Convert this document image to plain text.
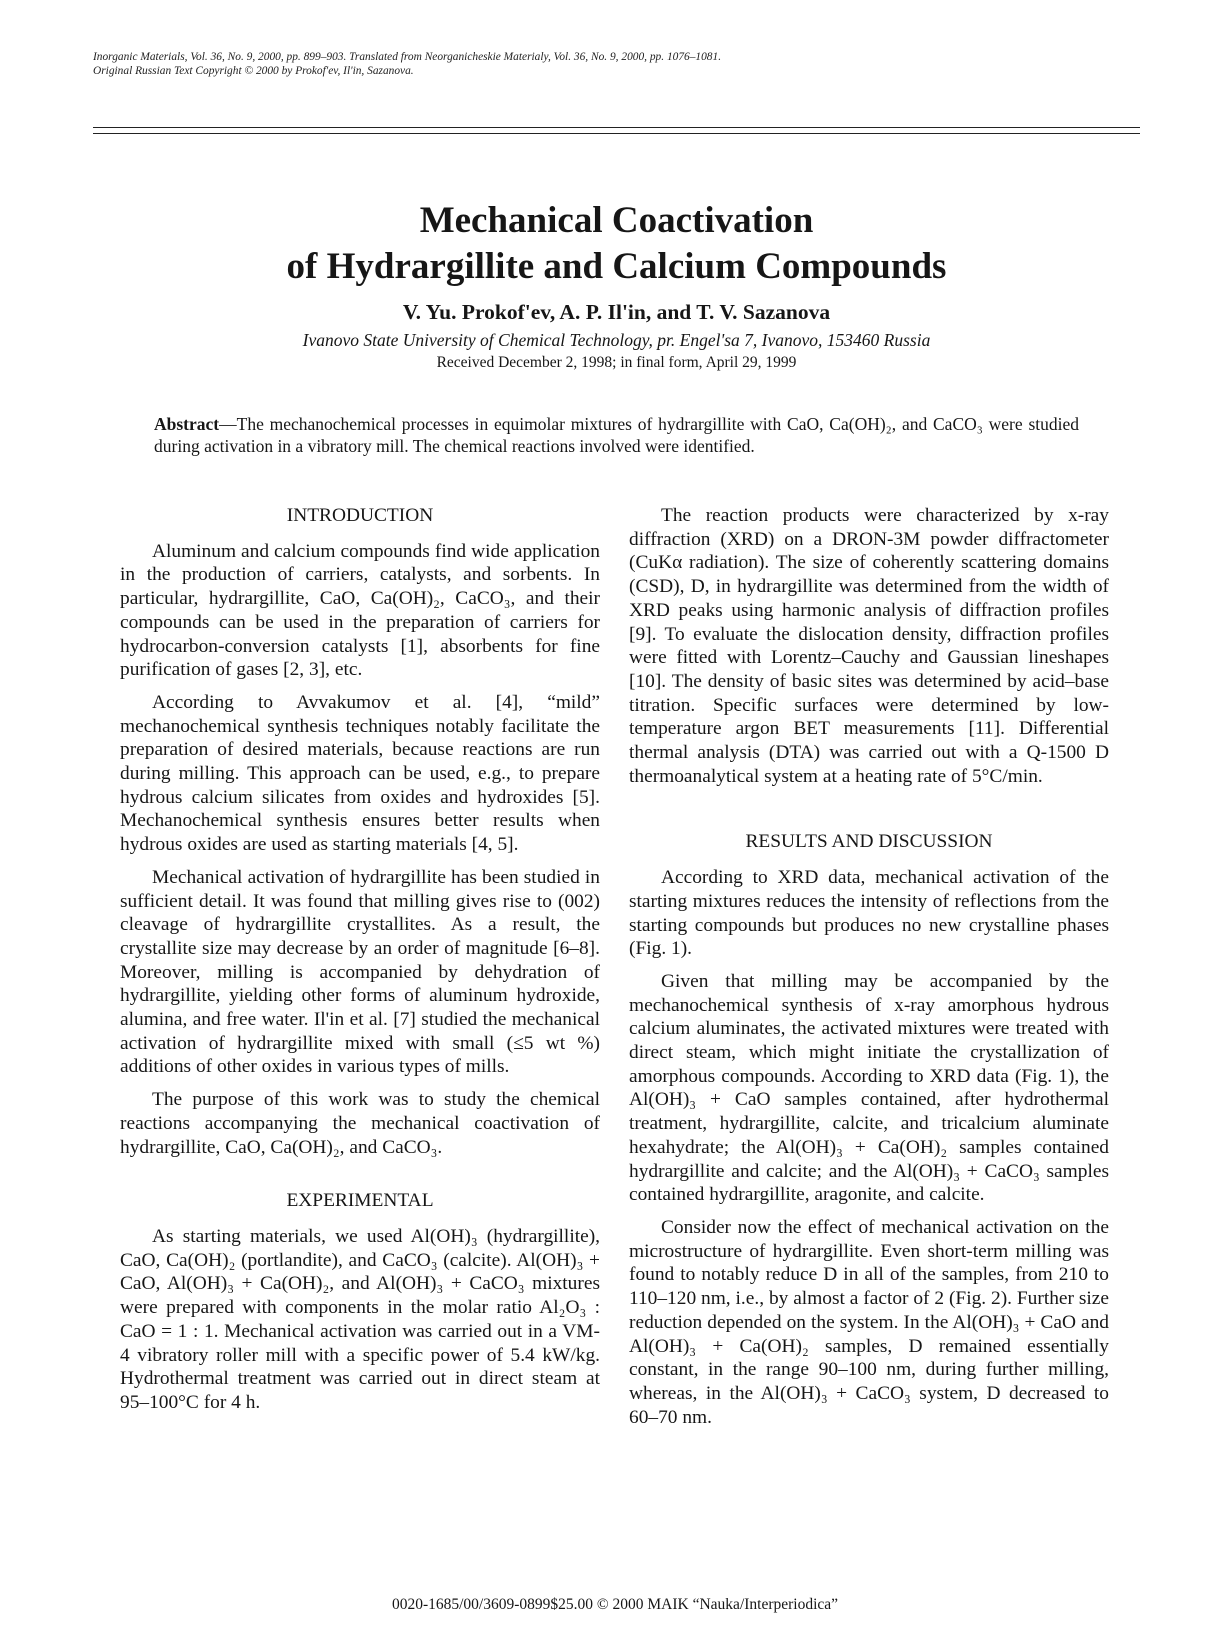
Inorganic Materials, Vol. 36, No. 9, 2000, pp. 899–903. Translated from Neorganicheskie Materialy, Vol. 36, No. 9, 2000, pp. 1076–1081.
Original Russian Text Copyright © 2000 by Prokof'ev, Il'in, Sazanova.
Mechanical Coactivation
of Hydrargillite and Calcium Compounds
V. Yu. Prokof'ev, A. P. Il'in, and T. V. Sazanova
Ivanovo State University of Chemical Technology, pr. Engel'sa 7, Ivanovo, 153460 Russia
Received December 2, 1998; in final form, April 29, 1999
Abstract—The mechanochemical processes in equimolar mixtures of hydrargillite with CaO, Ca(OH)₂, and CaCO₃ were studied during activation in a vibratory mill. The chemical reactions involved were identified.
INTRODUCTION

Aluminum and calcium compounds find wide application in the production of carriers, catalysts, and sorbents. In particular, hydrargillite, CaO, Ca(OH)₂, CaCO₃, and their compounds can be used in the preparation of carriers for hydrocarbon-conversion catalysts [1], absorbents for fine purification of gases [2, 3], etc.

According to Avvakumov et al. [4], “mild” mechanochemical synthesis techniques notably facilitate the preparation of desired materials, because reactions are run during milling. This approach can be used, e.g., to prepare hydrous calcium silicates from oxides and hydroxides [5]. Mechanochemical synthesis ensures better results when hydrous oxides are used as starting materials [4, 5].

Mechanical activation of hydrargillite has been studied in sufficient detail. It was found that milling gives rise to (002) cleavage of hydrargillite crystallites. As a result, the crystallite size may decrease by an order of magnitude [6–8]. Moreover, milling is accompanied by dehydration of hydrargillite, yielding other forms of aluminum hydroxide, alumina, and free water. Il'in et al. [7] studied the mechanical activation of hydrargillite mixed with small (≤5 wt %) additions of other oxides in various types of mills.

The purpose of this work was to study the chemical reactions accompanying the mechanical coactivation of hydrargillite, CaO, Ca(OH)₂, and CaCO₃.

EXPERIMENTAL

As starting materials, we used Al(OH)₃ (hydrargillite), CaO, Ca(OH)₂ (portlandite), and CaCO₃ (calcite). Al(OH)₃ + CaO, Al(OH)₃ + Ca(OH)₂, and Al(OH)₃ + CaCO₃ mixtures were prepared with components in the molar ratio Al₂O₃ : CaO = 1 : 1. Mechanical activation was carried out in a VM-4 vibratory roller mill with a specific power of 5.4 kW/kg. Hydrothermal treatment was carried out in direct steam at 95–100°C for 4 h.

The reaction products were characterized by x-ray diffraction (XRD) on a DRON-3M powder diffractometer (CuKα radiation). The size of coherently scattering domains (CSD), D, in hydrargillite was determined from the width of XRD peaks using harmonic analysis of diffraction profiles [9]. To evaluate the dislocation density, diffraction profiles were fitted with Lorentz–Cauchy and Gaussian lineshapes [10]. The density of basic sites was determined by acid–base titration. Specific surfaces were determined by low-temperature argon BET measurements [11]. Differential thermal analysis (DTA) was carried out with a Q-1500 D thermoanalytical system at a heating rate of 5°C/min.

RESULTS AND DISCUSSION

According to XRD data, mechanical activation of the starting mixtures reduces the intensity of reflections from the starting compounds but produces no new crystalline phases (Fig. 1).

Given that milling may be accompanied by the mechanochemical synthesis of x-ray amorphous hydrous calcium aluminates, the activated mixtures were treated with direct steam, which might initiate the crystallization of amorphous compounds. According to XRD data (Fig. 1), the Al(OH)₃ + CaO samples contained, after hydrothermal treatment, hydrargillite, calcite, and tricalcium aluminate hexahydrate; the Al(OH)₃ + Ca(OH)₂ samples contained hydrargillite and calcite; and the Al(OH)₃ + CaCO₃ samples contained hydrargillite, aragonite, and calcite.

Consider now the effect of mechanical activation on the microstructure of hydrargillite. Even short-term milling was found to notably reduce D in all of the samples, from 210 to 110–120 nm, i.e., by almost a factor of 2 (Fig. 2). Further size reduction depended on the system. In the Al(OH)₃ + CaO and Al(OH)₃ + Ca(OH)₂ samples, D remained essentially constant, in the range 90–100 nm, during further milling, whereas, in the Al(OH)₃ + CaCO₃ system, D decreased to 60–70 nm.

0020-1685/00/3609-0899$25.00 © 2000 MAIK “Nauka/Interperiodica”
